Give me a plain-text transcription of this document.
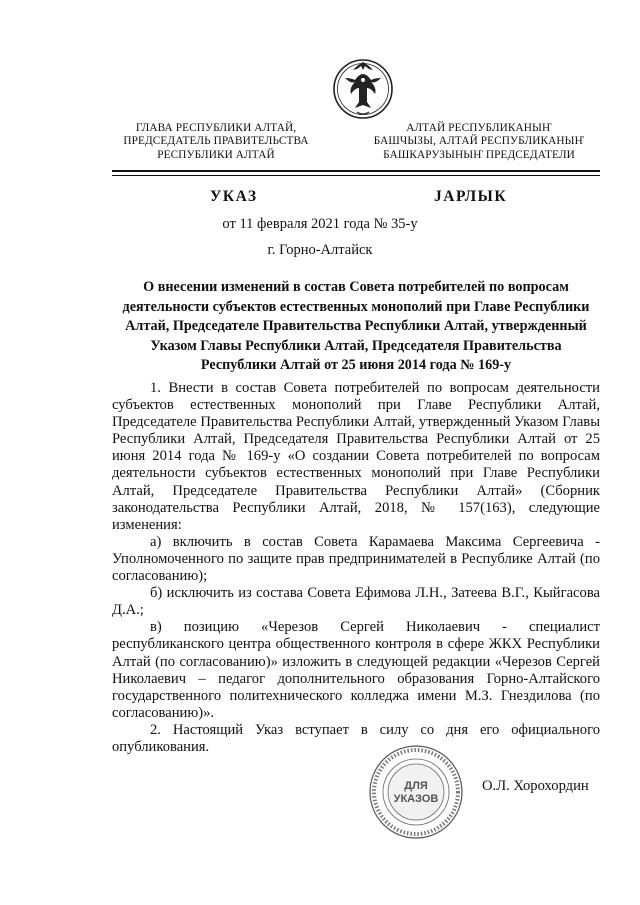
ГЛАВА РЕСПУБЛИКИ АЛТАЙ,
ПРЕДСЕДАТЕЛЬ ПРАВИТЕЛЬСТВА
РЕСПУБЛИКИ АЛТАЙ
АЛТАЙ РЕСПУБЛИКАНЫҤ
БАШЧЫЗЫ, АЛТАЙ РЕСПУБЛИКАНЫҤ
БАШКАРУЗЫНЫҤ ПРЕДСЕДАТЕЛИ
УКАЗ	ЈАРЛЫК
от 11 февраля 2021 года № 35-у
г. Горно-Алтайск
О внесении изменений в состав Совета потребителей по вопросам деятельности субъектов естественных монополий при Главе Республики Алтай, Председателе Правительства Республики Алтай, утвержденный Указом Главы Республики Алтай, Председателя Правительства Республики Алтай от 25 июня 2014 года № 169-у

1. Внести в состав Совета потребителей по вопросам деятельности субъектов естественных монополий при Главе Республики Алтай, Председателе Правительства Республики Алтай, утвержденный Указом Главы Республики Алтай, Председателя Правительства Республики Алтай от 25 июня 2014 года № 169-у «О создании Совета потребителей по вопросам деятельности субъектов естественных монополий при Главе Республики Алтай, Председателе Правительства Республики Алтай» (Сборник законодательства Республики Алтай, 2018, № 157(163), следующие изменения:

а) включить в состав Совета Карамаева Максима Сергеевича - Уполномоченного по защите прав предпринимателей в Республике Алтай (по согласованию);

б) исключить из состава Совета Ефимова Л.Н., Затеева В.Г., Кыйгасова Д.А.;

в) позицию «Черезов Сергей Николаевич - специалист республиканского центра общественного контроля в сфере ЖКХ Республики Алтай (по согласованию)» изложить в следующей редакции «Черезов Сергей Николаевич – педагог дополнительного образования Горно-Алтайского государственного политехнического колледжа имени М.З. Гнездилова (по согласованию)».

2. Настоящий Указ вступает в силу со дня его официального опубликования.

ДЛЯ
УКАЗОВ
О.Л. Хорохордин
